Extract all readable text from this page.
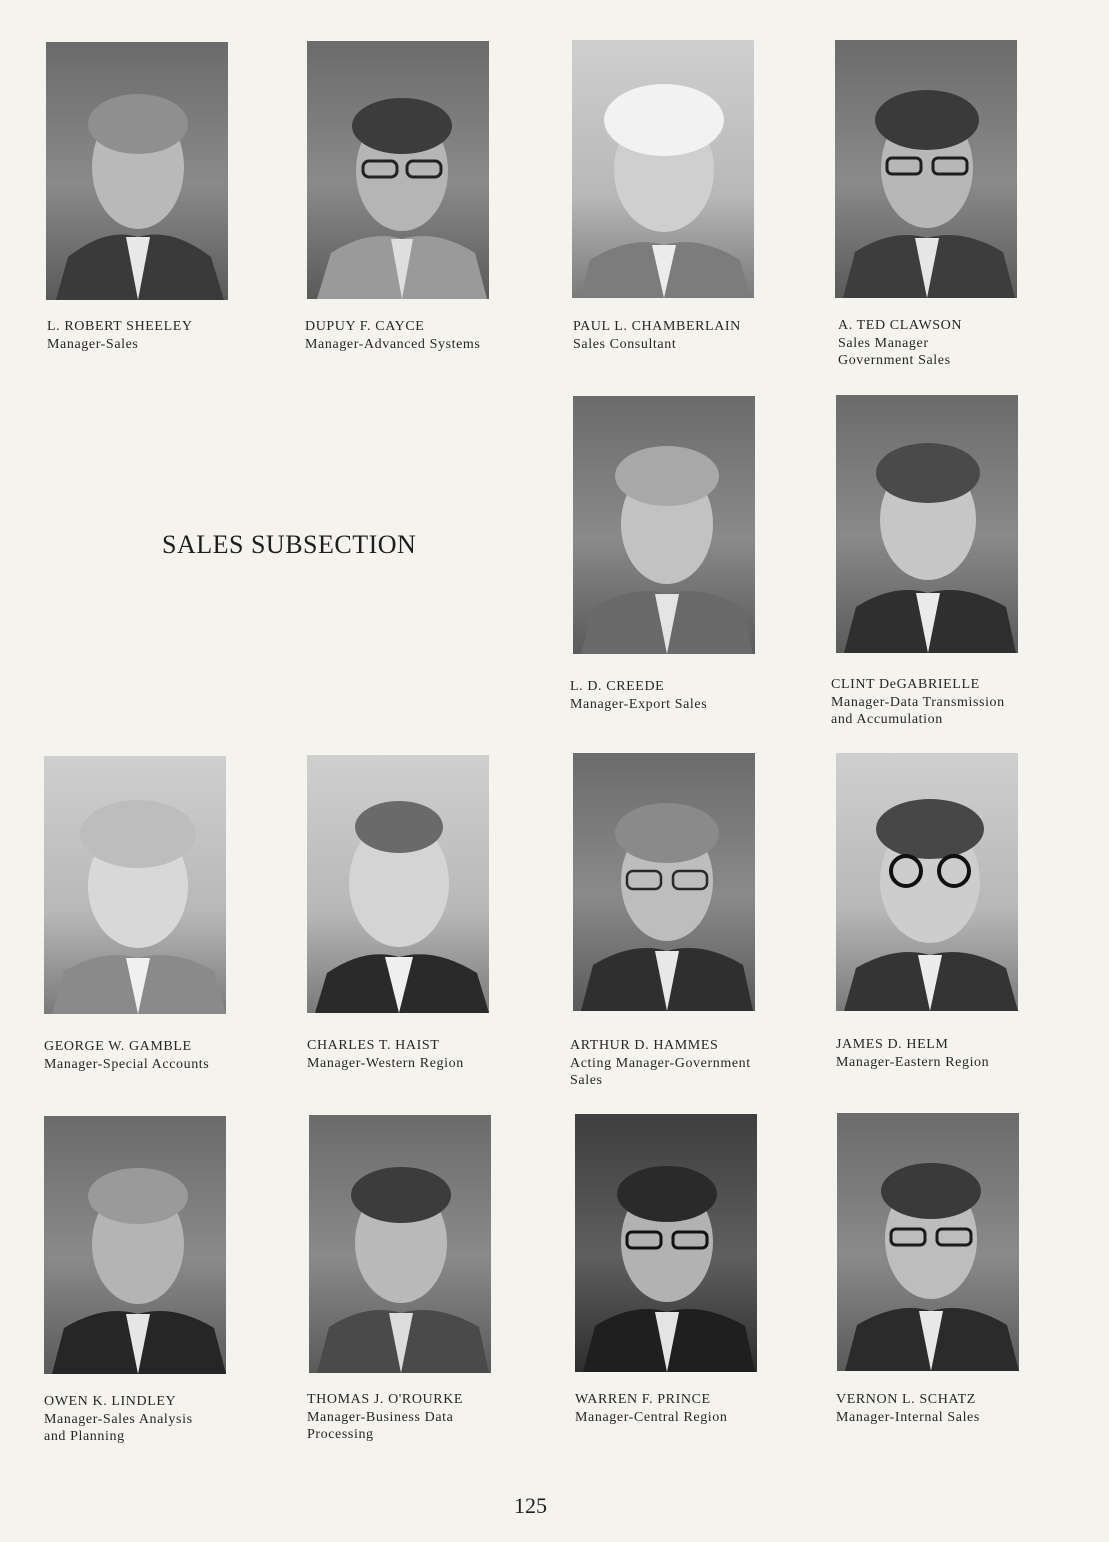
L. ROBERT SHEELEY
Manager-Sales
DUPUY F. CAYCE
Manager-Advanced Systems
PAUL L. CHAMBERLAIN
Sales Consultant
A. TED CLAWSON
Sales Manager
Government Sales
SALES SUBSECTION
L. D. CREEDE
Manager-Export Sales
CLINT DeGABRIELLE
Manager-Data Transmission
and Accumulation
GEORGE W. GAMBLE
Manager-Special Accounts
CHARLES T. HAIST
Manager-Western Region
ARTHUR D. HAMMES
Acting Manager-Government
Sales
JAMES D. HELM
Manager-Eastern Region
OWEN K. LINDLEY
Manager-Sales Analysis
and Planning
THOMAS J. O'ROURKE
Manager-Business Data
Processing
WARREN F. PRINCE
Manager-Central Region
VERNON L. SCHATZ
Manager-Internal Sales
125
